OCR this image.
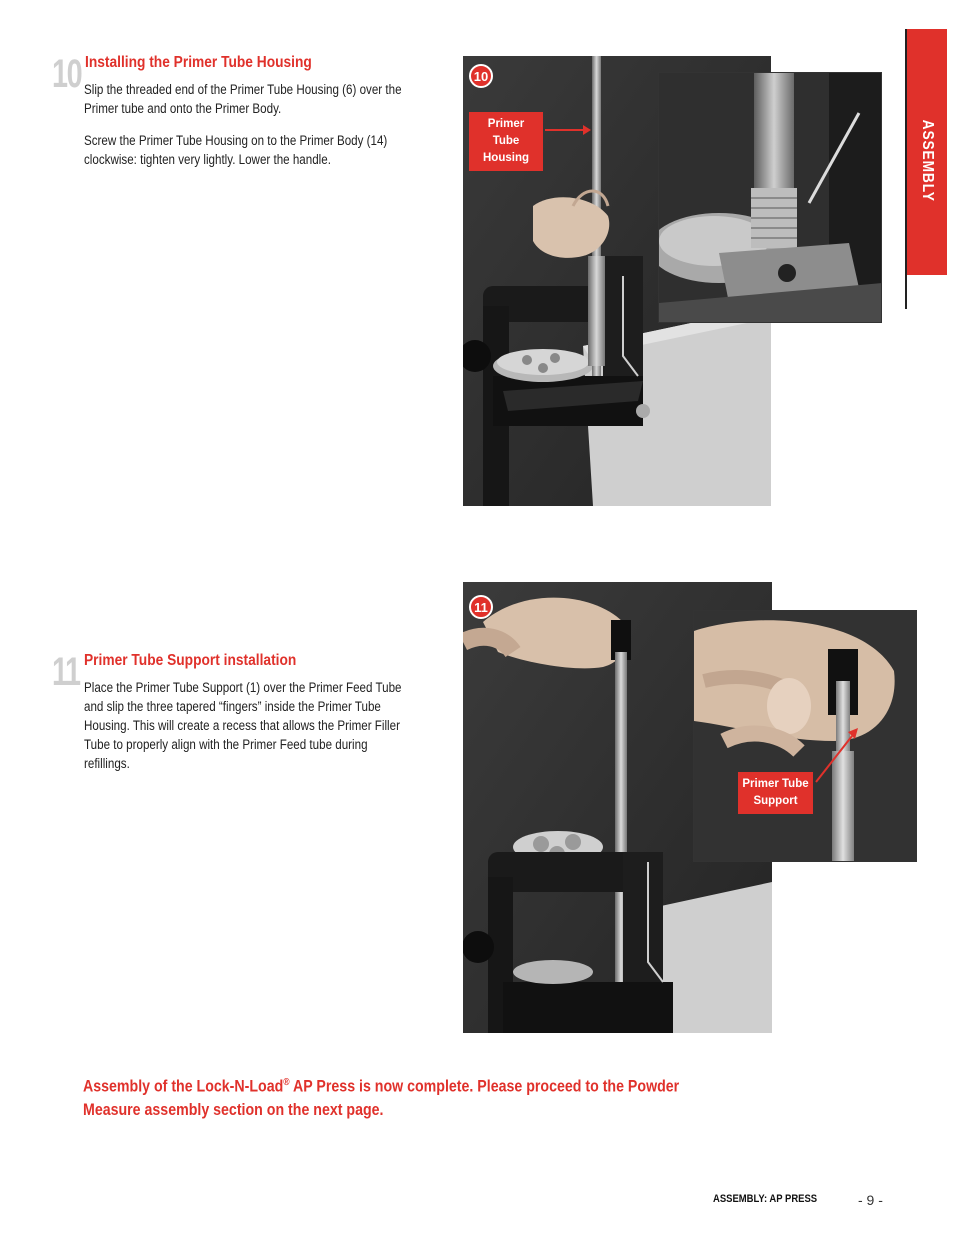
ASSEMBLY
10 Installing the Primer Tube Housing

Slip the threaded end of the Primer Tube Housing (6) over the Primer tube and onto the Primer Body.

Screw the Primer Tube Housing on to the Primer Body (14) clockwise: tighten very lightly. Lower the handle.

10
Primer Tube
Housing
11 Primer Tube Support installation

Place the Primer Tube Support (1) over the Primer Feed Tube and slip the three tapered “fingers” inside the Primer Tube Housing. This will create a recess that allows the Primer Filler Tube to properly align with the Primer Feed tube during refillings.

11
Primer Tube
Support
Assembly of the Lock-N-Load® AP Press is now complete. Please proceed to the Powder Measure assembly section on the next page.
ASSEMBLY: AP PRESS	- 9 -
